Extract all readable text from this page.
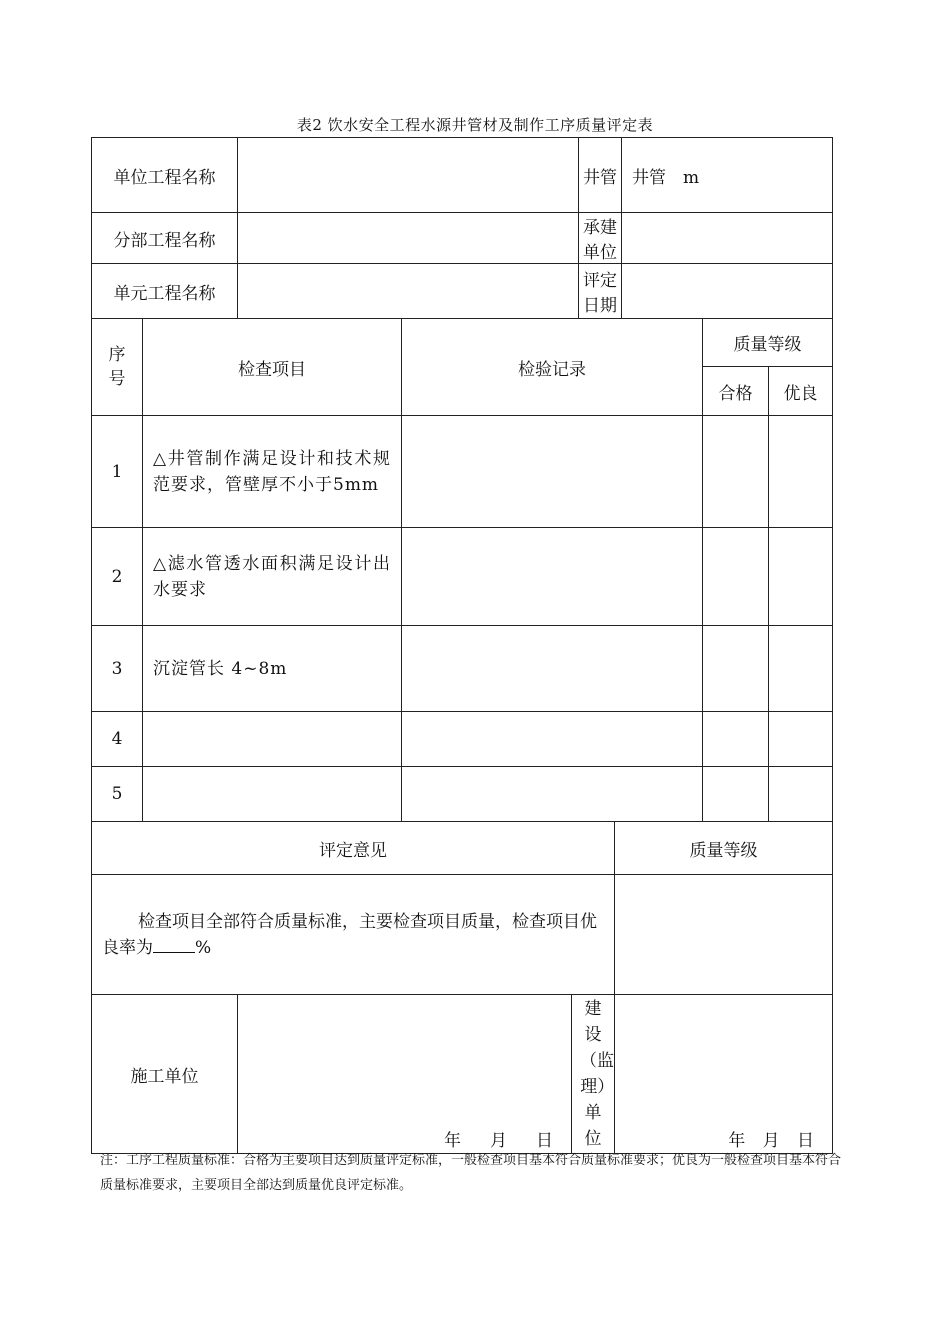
表2 饮水安全工程水源井管材及制作工序质量评定表
单位工程名称					井管		井管　m		
分部工程名称					承建单位				
单元工程名称					评定日期				
序号	检查项目		检验记录					质量等级	
								合格	优良
1	△井管制作满足设计和技术规范要求，管壁厚不小于5mm								
2	△滤水管透水面积满足设计出水要求								
3	沉淀管长 4~8m								
4									
5									
评定意见						质量等级			
检查项目全部符合质量标准，主要检查项目质量，检查项目优良率为 %									
施工单位		年　月　日		建设（监理）单位		年 月 日			
注：工序工程质量标准：合格为主要项目达到质量评定标准，一般检查项目基本符合质量标准要求；优良为一般检查项目基本符合质量标准要求，主要项目全部达到质量优良评定标准。
